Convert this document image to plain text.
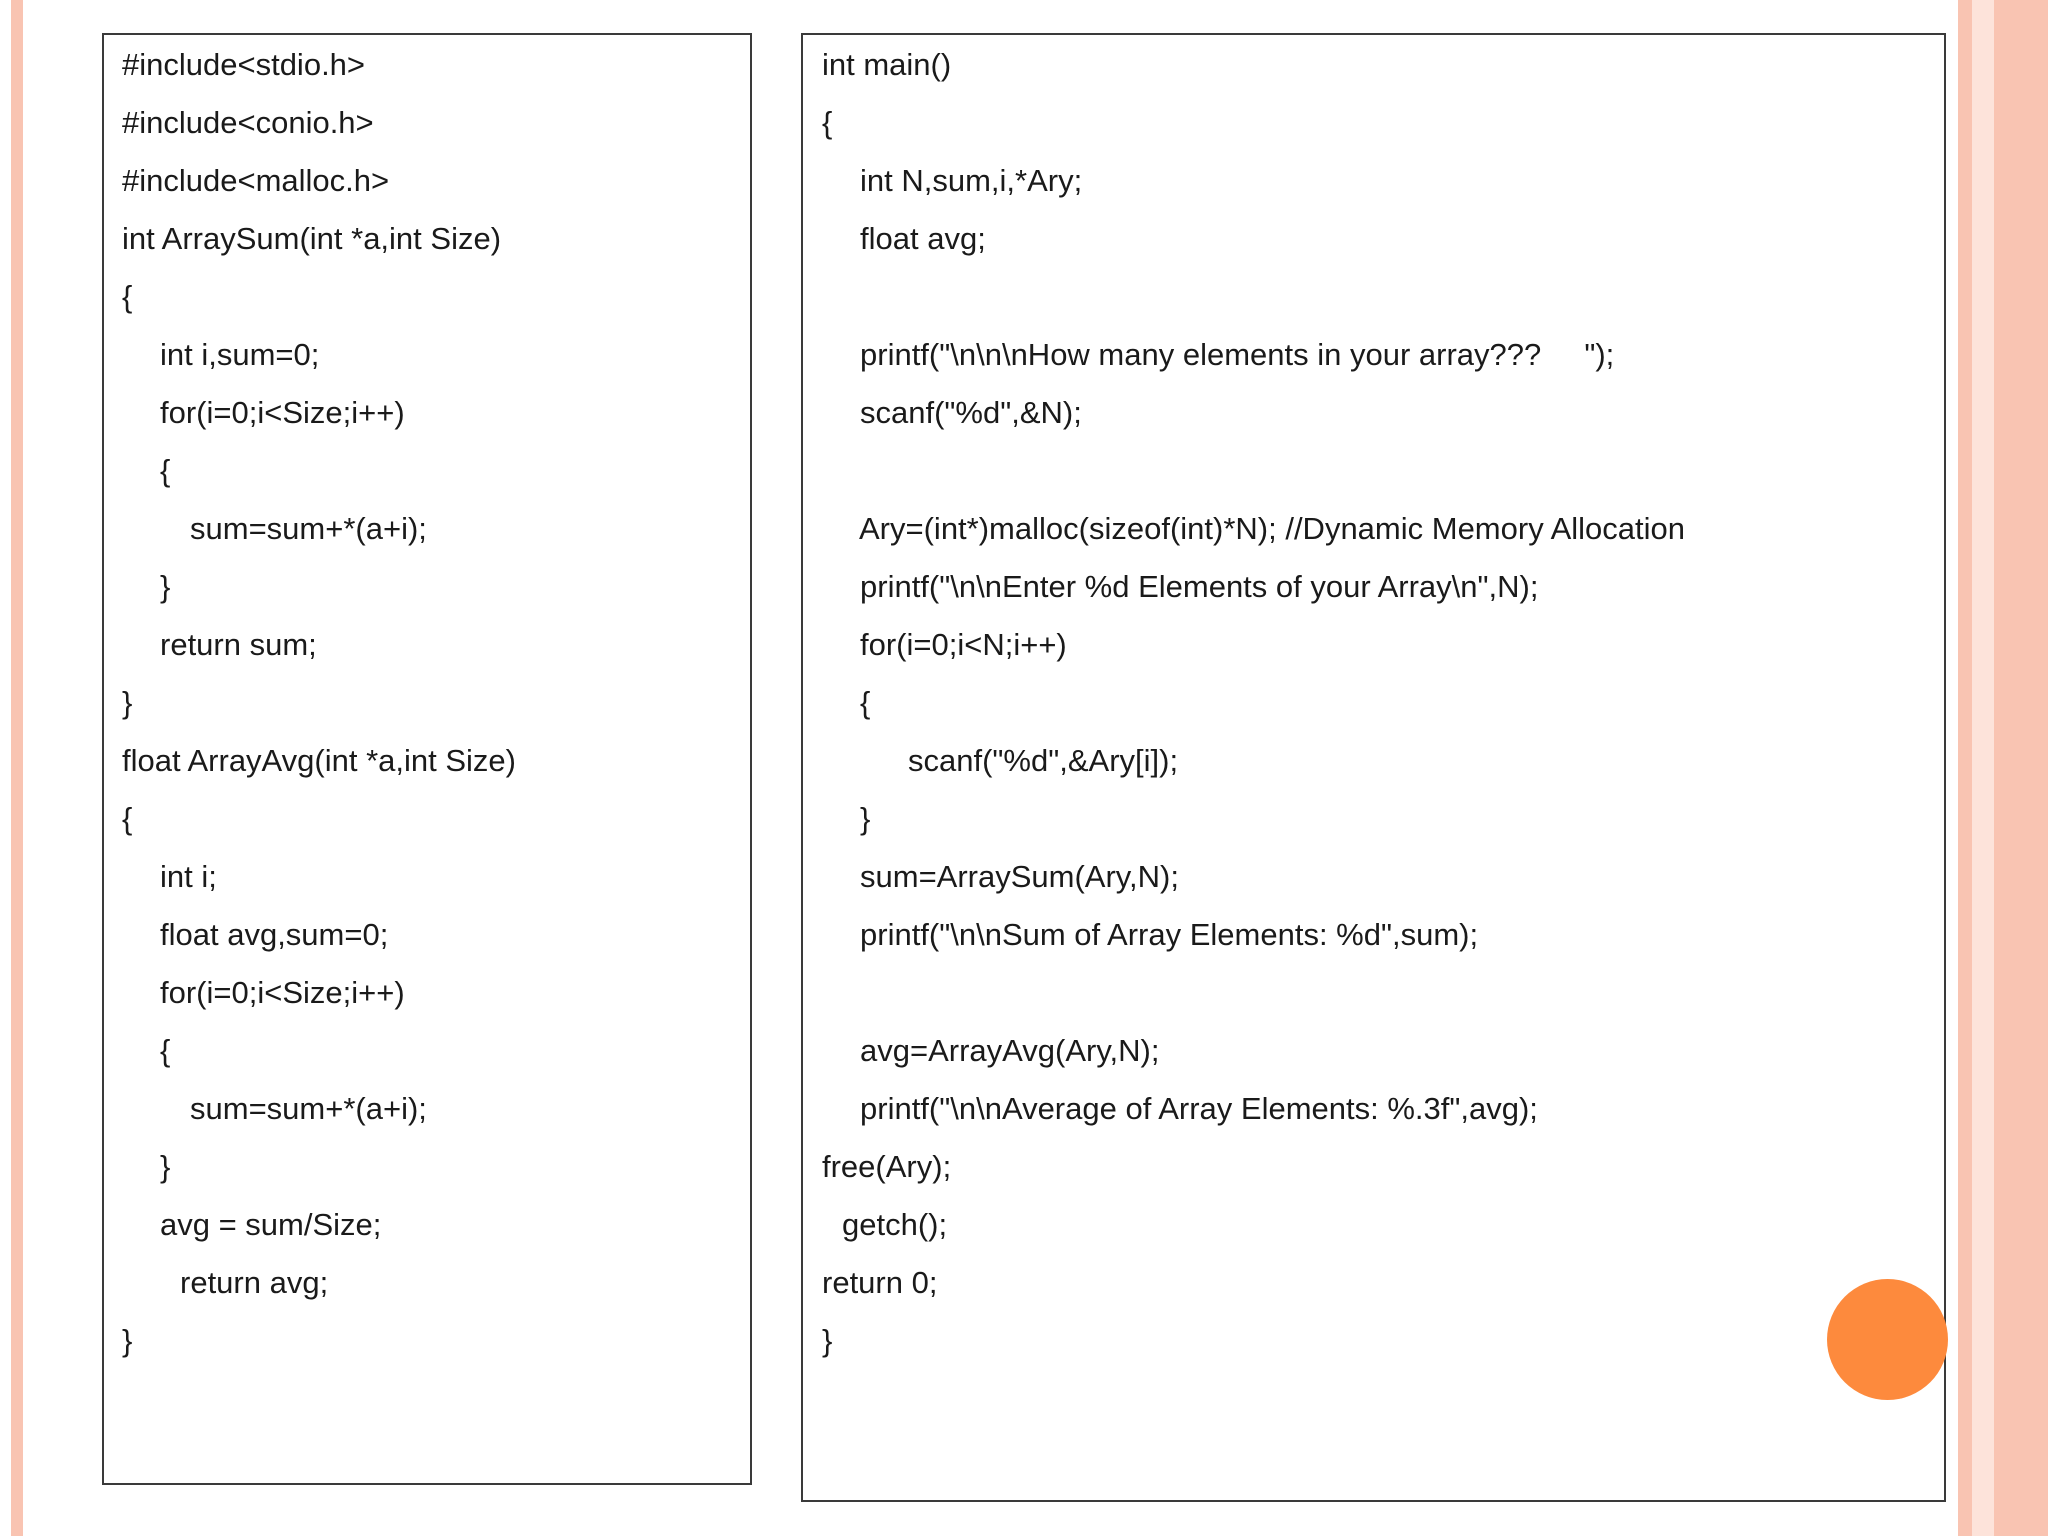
#include<stdio.h>
#include<conio.h>
#include<malloc.h>
int ArraySum(int *a,int Size)
{
int i,sum=0;
for(i=0;i<Size;i++)
{
sum=sum+*(a+i);
}
return sum;
}
float ArrayAvg(int *a,int Size)
{
int i;
float avg,sum=0;
for(i=0;i<Size;i++)
{
sum=sum+*(a+i);
}
avg = sum/Size;
return avg;
}
int main()
{
int N,sum,i,*Ary;
float avg;
printf("\n\n\nHow many elements in your array???     ");
scanf("%d",&N);
Ary=(int*)malloc(sizeof(int)*N); //Dynamic Memory Allocation
printf("\n\nEnter %d Elements of your Array\n",N);
for(i=0;i<N;i++)
{
scanf("%d",&Ary[i]);
}
sum=ArraySum(Ary,N);
printf("\n\nSum of Array Elements: %d",sum);
avg=ArrayAvg(Ary,N);
printf("\n\nAverage of Array Elements: %.3f",avg);
free(Ary);
getch();
return 0;
}
